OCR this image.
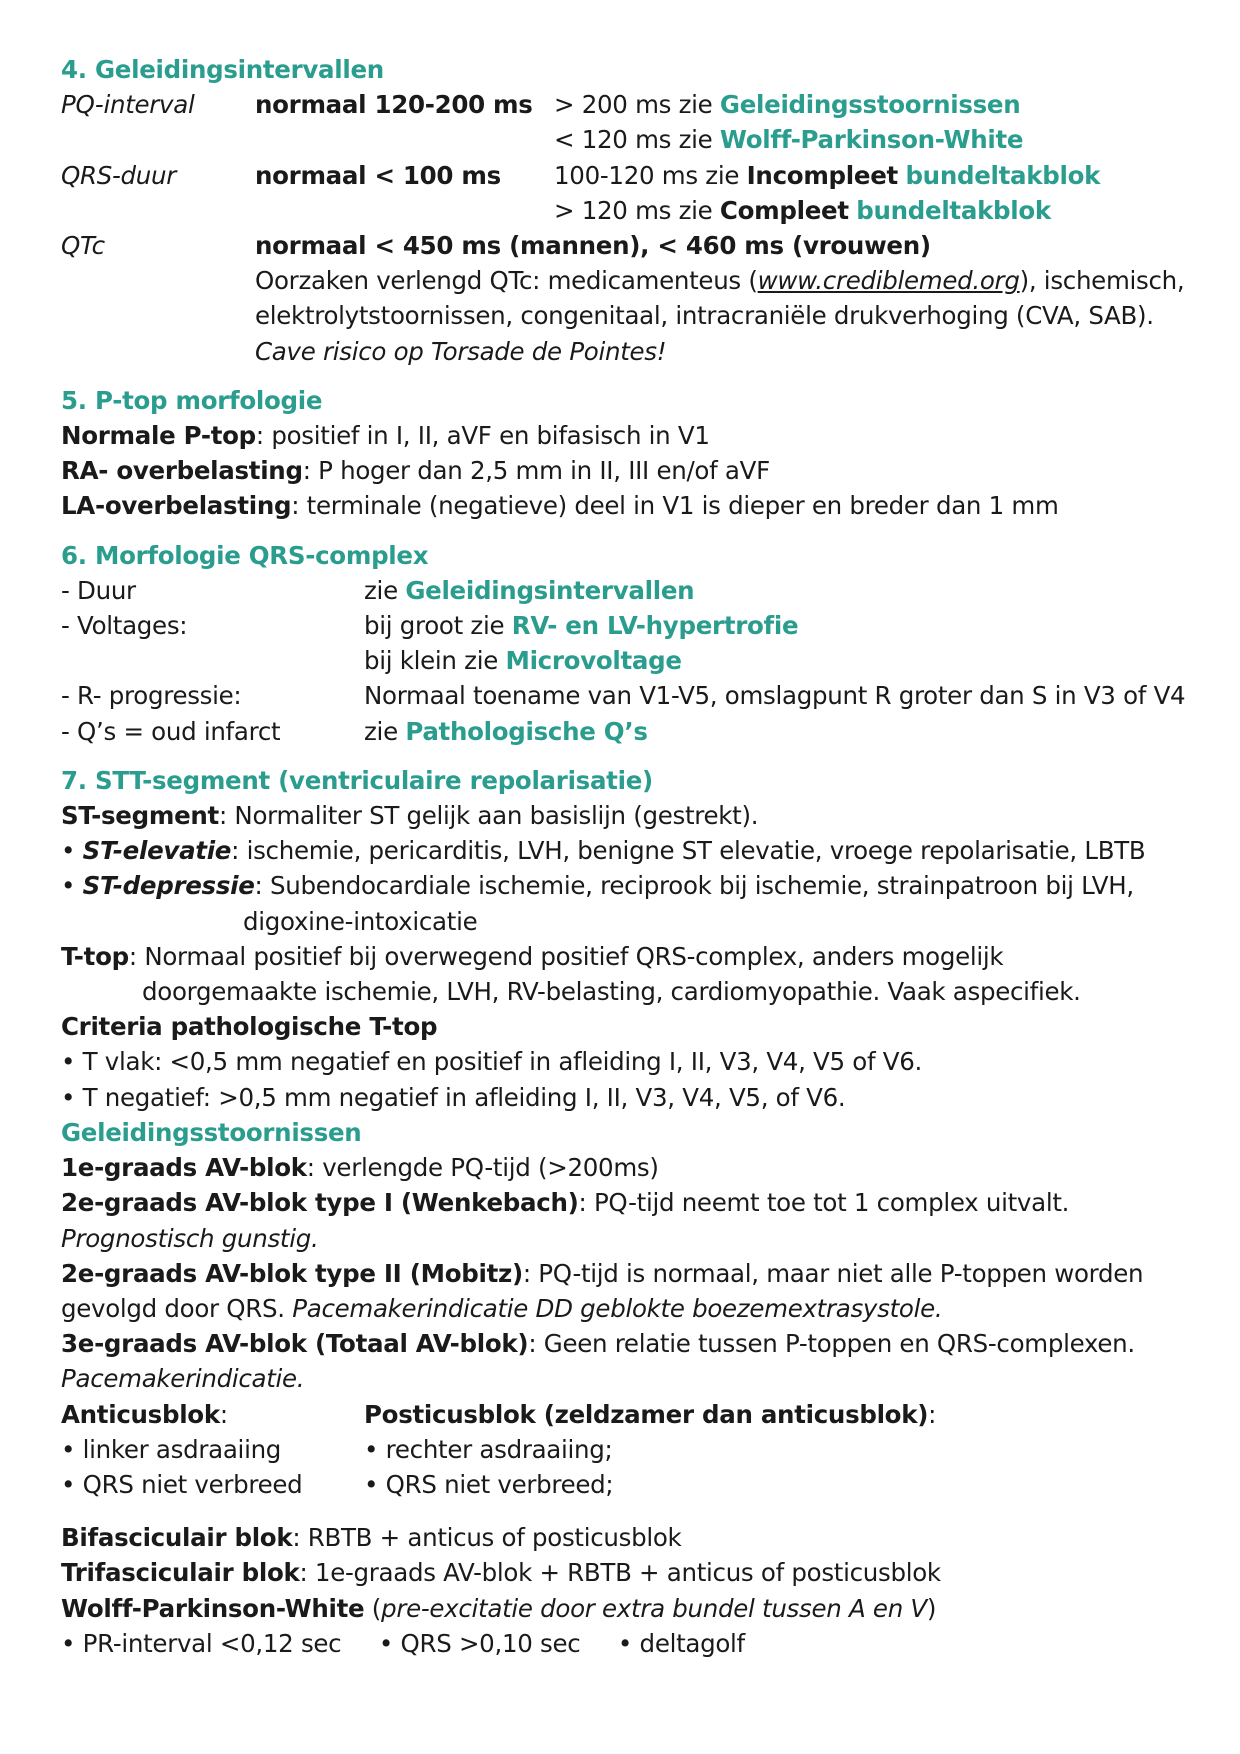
4. Geleidingsintervallen
PQ-interval	normaal 120-200 ms > 200 ms zie Geleidingsstoornissen
< 120 ms zie Wolff-Parkinson-White
QRS-duur	normaal < 100 ms	100-120 ms zie Incompleet bundeltakblok
> 120 ms zie Compleet bundeltakblok
QTc	normaal < 450 ms (mannen), < 460 ms (vrouwen)
Oorzaken verlengd QTc: medicamenteus (www.crediblemed.org), ischemisch,
elektrolytstoornissen, congenitaal, intracraniële drukverhoging (CVA, SAB).
Cave risico op Torsade de Pointes!
5. P-top morfologie
Normale P-top: positief in I, II, aVF en bifasisch in V1
RA- overbelasting: P hoger dan 2,5 mm in II, III en/of aVF
LA-overbelasting: terminale (negatieve) deel in V1 is dieper en breder dan 1 mm
6. Morfologie QRS-complex
- Duur	zie Geleidingsintervallen
- Voltages:	bij groot zie RV- en LV-hypertrofie
bij klein zie Microvoltage
- R- progressie:	Normaal toename van V1-V5, omslagpunt R groter dan S in V3 of V4
- Q’s = oud infarct	zie Pathologische Q’s
7. STT-segment (ventriculaire repolarisatie)
ST-segment: Normaliter ST gelijk aan basislijn (gestrekt).
• ST-elevatie: ischemie, pericarditis, LVH, benigne ST elevatie, vroege repolarisatie, LBTB
• ST-depressie: Subendocardiale ischemie, reciprook bij ischemie, strainpatroon bij LVH,
digoxine-intoxicatie
T-top: Normaal positief bij overwegend positief QRS-complex, anders mogelijk
doorgemaakte ischemie, LVH, RV-belasting, cardiomyopathie. Vaak aspecifiek.
Criteria pathologische T-top
• T vlak: <0,5 mm negatief en positief in afleiding I, II, V3, V4, V5 of V6.
• T negatief: >0,5 mm negatief in afleiding I, II, V3, V4, V5, of V6.
Geleidingsstoornissen
1e-graads AV-blok: verlengde PQ-tijd (>200ms)
2e-graads AV-blok type I (Wenkebach): PQ-tijd neemt toe tot 1 complex uitvalt.
Prognostisch gunstig.
2e-graads AV-blok type II (Mobitz): PQ-tijd is normaal, maar niet alle P-toppen worden
gevolgd door QRS. Pacemakerindicatie DD geblokte boezemextrasystole.
3e-graads AV-blok (Totaal AV-blok): Geen relatie tussen P-toppen en QRS-complexen.
Pacemakerindicatie.
Anticusblok:
• linker asdraaiing
• QRS niet verbreed
Posticusblok (zeldzamer dan anticusblok):
• rechter asdraaiing;
• QRS niet verbreed;
Bifasciculair blok: RBTB + anticus of posticusblok
Trifasciculair blok: 1e-graads AV-blok + RBTB + anticus of posticusblok
Wolff-Parkinson-White (pre-excitatie door extra bundel tussen A en V)
• PR-interval <0,12 sec • QRS >0,10 sec • deltagolf
